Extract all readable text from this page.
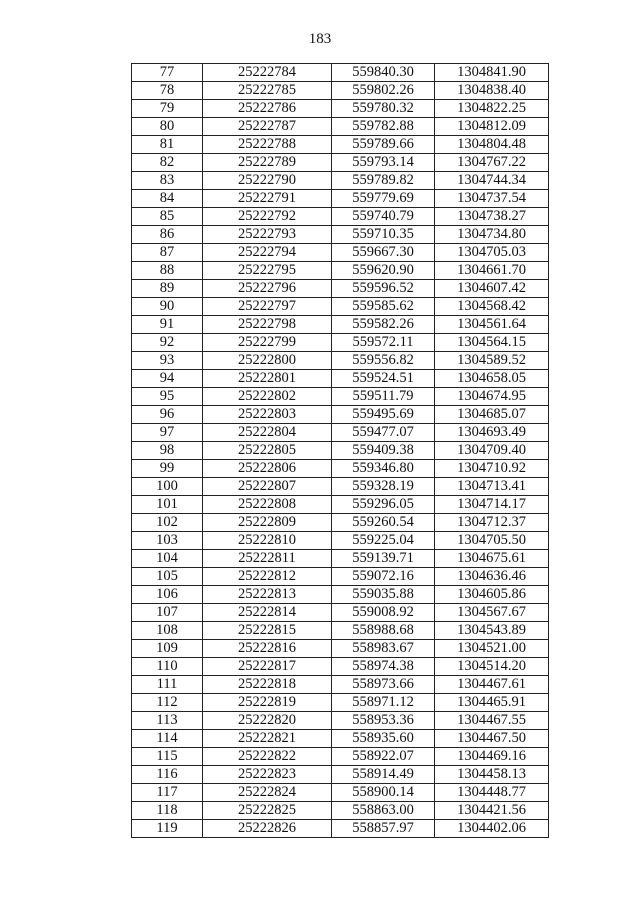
183
77	25222784	559840.30	1304841.90
78	25222785	559802.26	1304838.40
79	25222786	559780.32	1304822.25
80	25222787	559782.88	1304812.09
81	25222788	559789.66	1304804.48
82	25222789	559793.14	1304767.22
83	25222790	559789.82	1304744.34
84	25222791	559779.69	1304737.54
85	25222792	559740.79	1304738.27
86	25222793	559710.35	1304734.80
87	25222794	559667.30	1304705.03
88	25222795	559620.90	1304661.70
89	25222796	559596.52	1304607.42
90	25222797	559585.62	1304568.42
91	25222798	559582.26	1304561.64
92	25222799	559572.11	1304564.15
93	25222800	559556.82	1304589.52
94	25222801	559524.51	1304658.05
95	25222802	559511.79	1304674.95
96	25222803	559495.69	1304685.07
97	25222804	559477.07	1304693.49
98	25222805	559409.38	1304709.40
99	25222806	559346.80	1304710.92
100	25222807	559328.19	1304713.41
101	25222808	559296.05	1304714.17
102	25222809	559260.54	1304712.37
103	25222810	559225.04	1304705.50
104	25222811	559139.71	1304675.61
105	25222812	559072.16	1304636.46
106	25222813	559035.88	1304605.86
107	25222814	559008.92	1304567.67
108	25222815	558988.68	1304543.89
109	25222816	558983.67	1304521.00
110	25222817	558974.38	1304514.20
111	25222818	558973.66	1304467.61
112	25222819	558971.12	1304465.91
113	25222820	558953.36	1304467.55
114	25222821	558935.60	1304467.50
115	25222822	558922.07	1304469.16
116	25222823	558914.49	1304458.13
117	25222824	558900.14	1304448.77
118	25222825	558863.00	1304421.56
119	25222826	558857.97	1304402.06
